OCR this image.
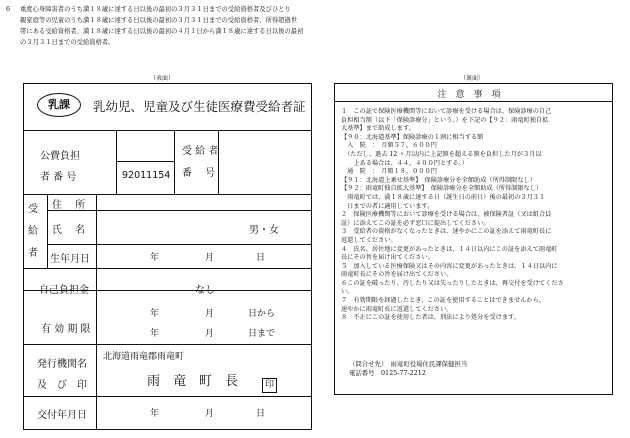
6 重度心身障害者のうち満１８歳に達する日以後の最初の３月３１日までの受給資格者及びひとり
親家庭等の児童のうち満１８歳に達する日以後の最初の３月３１日までの受給資格者、所得超過世
帯にある受給資格者、満１８歳に達する日以後の最初の４月１日から満１８歳に達する日以後の最初
の３月３１日までの受給資格者。
（表面）	（裏面）
乳課	乳幼児、児童及び生徒医療費受給者証
公費負担
者 番 号	92011154
受 給 者
番　 号
受
給
者
住　 所
氏　 名	男・女
生年月日	年	月	日
自己負担金	なし
有 効 期 限
年	月	日から
年	月	日まで
発行機関名
及　び　印
北海道雨竜郡雨竜町
雨　竜　町　長
交付年月日	年	月	日
印
注意事項
１　この証で保険医療機関等において診療を受ける場合は、保険診療の自己
負担相当額（以下「保険診療分」という。）を下記の【９２：雨竜町独自拡
大基準】まで助成します。
【９０：北海道基準】保険診療の１割に相当する額
　入　院　：　月額５７，６００円
　（ただし、過去 12 ヶ月以内に上記額を超える額を負担した月が３月以
　　上ある場合は、４４，４００円とする。）
　通　院　：　月額１８，０００円
【９１：北海道上乗せ基準】　保険診療分を全額助成（所得制限なし）
【９２：雨竜町独自拡大基準】　保険診療分を全額助成（所得制限なし）
　雨竜町では、満１８歳に達する日（誕生日の前日）後の最初の３月３１
　日までの者に適用しています。
２　保険医療機関等において診療を受ける場合は、被保険者証（又は組合員
証）に添えてこの証を必ず窓口に提出してください。
３　受給者の資格がなくなったときは、速やかにこの証を添えて雨竜町長に
返還してください。
４　氏名、居住地に変更があったときは、１４日以内にこの証を添えて雨竜町
長にその旨を届け出てください。
５　加入している医療保険又はその内容に変更があったときは、１４日以内に
雨竜町長にその旨を届け出てください。
６この証を破ったり、汚したり又は失ったりしたときは、再交付を受けてくださ
い。
７　有効期限を経過したとき、この証を使用することはできませんから、
速やかに雨竜町長に返還してください。
８　不正にこの証を使用した者は、刑法により処分を受けます。
（問合せ先）　 雨竜町役場住民課保健担当
電話番号　 0125-77-2212
